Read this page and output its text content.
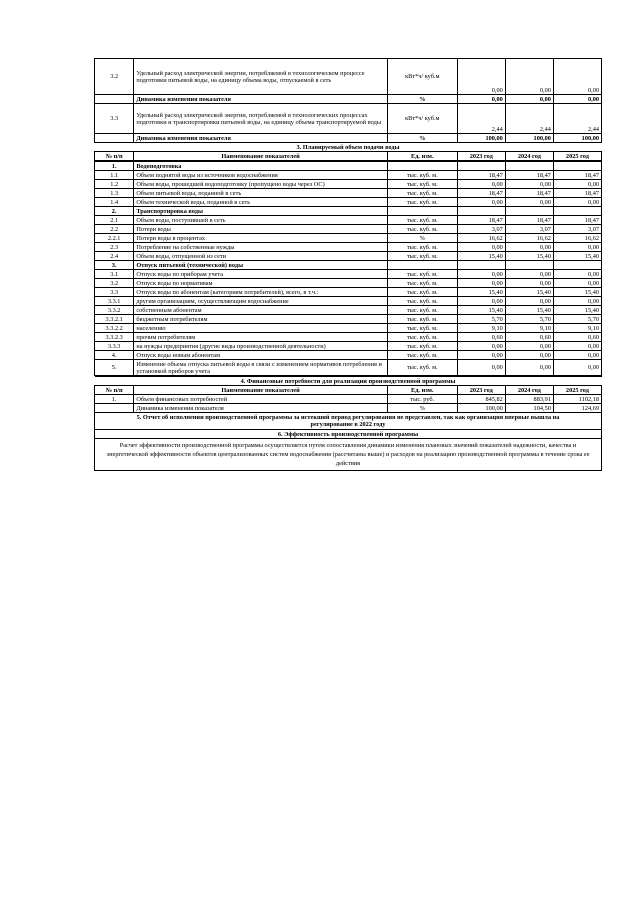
3.2	Удельный расход электрической энергии, потребляемой в технологическом процессе подготовки питьевой воды, на единицу объема воды, отпускаемой в сеть	кВт*ч/ куб.м	0,00	0,00	0,00
	Динамика изменения показателя	%	0,00	0,00	0,00
3.3	Удельный расход электрической энергии, потребляемой в технологических процессах подготовки и транспортировки питьевой воды, на единицу объема транспортируемой воды	кВт*ч/ куб.м	2,44	2,44	2,44
	Динамика изменения показателя	%	100,00	100,00	100,00
3. Планируемый объем подачи воды					
№ п/п	Наименование показателей	Ед. изм.	2023 год	2024 год	2025 год
1.	Водоподготовка				
1.1	Объем поднятой воды из источников водоснабжения	тыс. куб. м.	18,47	18,47	18,47
1.2	Объем воды, прошедшей водоподготовку (пропущено воды через ОС)	тыс. куб. м.	0,00	0,00	0,00
1.3	Объем питьевой воды, поданной в сеть	тыс. куб. м.	18,47	18,47	18,47
1.4	Объем технической воды, поданной в сеть	тыс. куб. м.	0,00	0,00	0,00
2.	Транспортировка воды				
2.1	Объем воды, поступившей в сеть	тыс. куб. м.	18,47	18,47	18,47
2.2	Потери воды	тыс. куб. м.	3,07	3,07	3,07
2.2.1	Потери воды в процентах	%	16,62	16,62	16,62
2.3	Потребление на собственные нужды	тыс. куб. м.	0,00	0,00	0,00
2.4	Объем воды, отпущенной из сети	тыс. куб. м.	15,40	15,40	15,40
3.	Отпуск питьевой (технической) воды				
3.1	Отпуск воды по приборам учета	тыс. куб. м.	0,00	0,00	0,00
3.2	Отпуск воды по нормативам	тыс. куб. м.	0,00	0,00	0,00
3.3	Отпуск воды по абонентам (категориям потребителей), всего, в т.ч.:	тыс. куб. м.	15,40	15,40	15,40
3.3.1	другим организациям, осуществляющим водоснабжение	тыс. куб. м.	0,00	0,00	0,00
3.3.2	собственным абонентам	тыс. куб. м.	15,40	15,40	15,40
3.3.2.1	бюджетным потребителям	тыс. куб. м.	5,70	5,70	5,70
3.3.2.2	населению	тыс. куб. м.	9,10	9,10	9,10
3.3.2.3	прочим потребителям	тыс. куб. м.	0,60	0,60	0,60
3.3.3	на нужды предприятия (другие виды производственной деятельности)	тыс. куб. м.	0,00	0,00	0,00
4.	Отпуск воды новым абонентам	тыс. куб. м.	0,00	0,00	0,00
5.	Изменение объема отпуска питьевой воды в связи с изменением нормативов потребления и установкой приборов учета	тыс. куб. м.	0,00	0,00	0,00
4. Финансовые потребности для реализации производственной программы					
№ п/п	Наименование показателей	Ед. изм.	2023 год	2024 год	2025 год
1.	Объем финансовых потребностей	тыс. руб.	845,82	883,91	1102,18
	Динамика изменения показателя	%	100,00	104,50	124,69
5. Отчет об исполнении производственной программы за истекший период регулирования не представлен, так как организация впервые вышла на регулирование в 2022 году					
6. Эффективность производственной программы					
Расчет эффективности производственной программы осуществляется путем сопоставления динамики изменения плановых значений показателей надежности, качества и энергетической эффективности объектов централизованных систем водоснабжения (рассчитаны выше) и расходов на реализацию производственной программы в течение срока ее действия					
